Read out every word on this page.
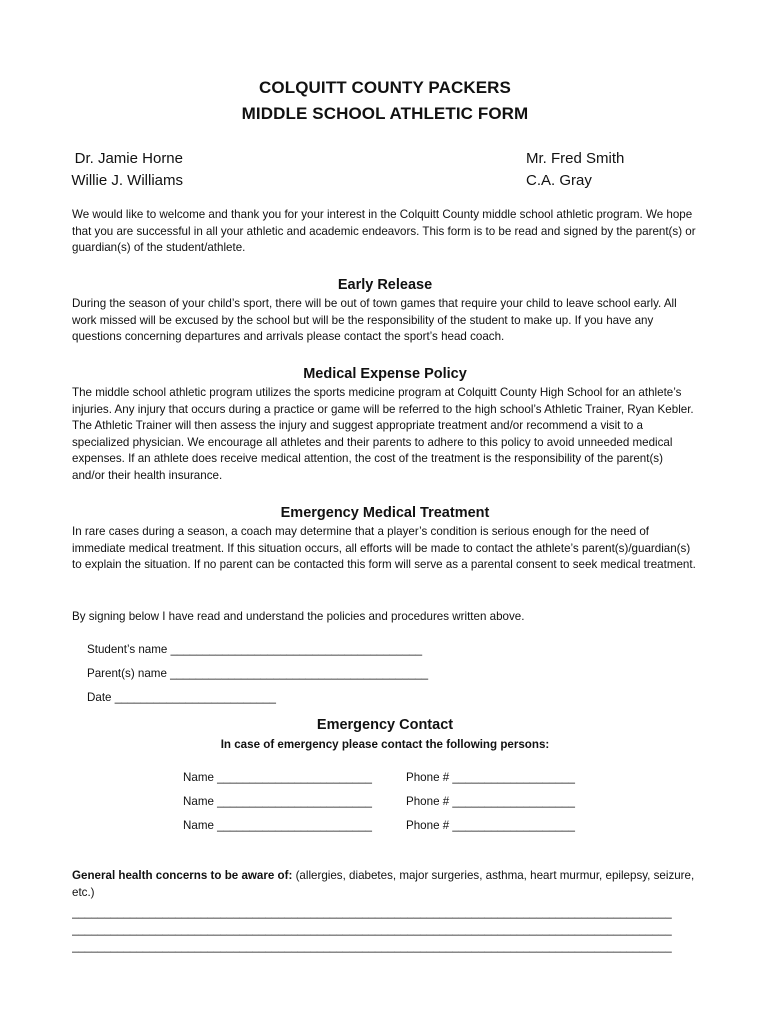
COLQUITT COUNTY PACKERS
MIDDLE SCHOOL ATHLETIC FORM
Dr. Jamie Horne
Willie J. Williams
Mr. Fred Smith
C.A. Gray
We would like to welcome and thank you for your interest in the Colquitt County middle school athletic program. We hope that you are successful in all your athletic and academic endeavors. This form is to be read and signed by the parent(s) or guardian(s) of the student/athlete.
Early Release
During the season of your child’s sport, there will be out of town games that require your child to leave school early. All work missed will be excused by the school but will be the responsibility of the student to make up. If you have any questions concerning departures and arrivals please contact the sport’s head coach.
Medical Expense Policy
The middle school athletic program utilizes the sports medicine program at Colquitt County High School for an athlete’s injuries. Any injury that occurs during a practice or game will be referred to the high school’s Athletic Trainer, Ryan Kebler. The Athletic Trainer will then assess the injury and suggest appropriate treatment and/or recommend a visit to a specialized physician. We encourage all athletes and their parents to adhere to this policy to avoid unneeded medical expenses. If an athlete does receive medical attention, the cost of the treatment is the responsibility of the parent(s) and/or their health insurance.
Emergency Medical Treatment
In rare cases during a season, a coach may determine that a player’s condition is serious enough for the need of immediate medical treatment. If this situation occurs, all efforts will be made to contact the athlete’s parent(s)/guardian(s) to explain the situation. If no parent can be contacted this form will serve as a parental consent to seek medical treatment.
By signing below I have read and understand the policies and procedures written above.
Student’s name _______________________________________
Parent(s) name ________________________________________
Date _________________________
Emergency Contact
In case of emergency please contact the following persons:
Name ________________________	Phone # ___________________
Name ________________________	Phone # ___________________
Name ________________________	Phone # ___________________
General health concerns to be aware of: (allergies, diabetes, major surgeries, asthma, heart murmur, epilepsy, seizure, etc.)
_____________________________________________________________________________________________
_____________________________________________________________________________________________
_____________________________________________________________________________________________
